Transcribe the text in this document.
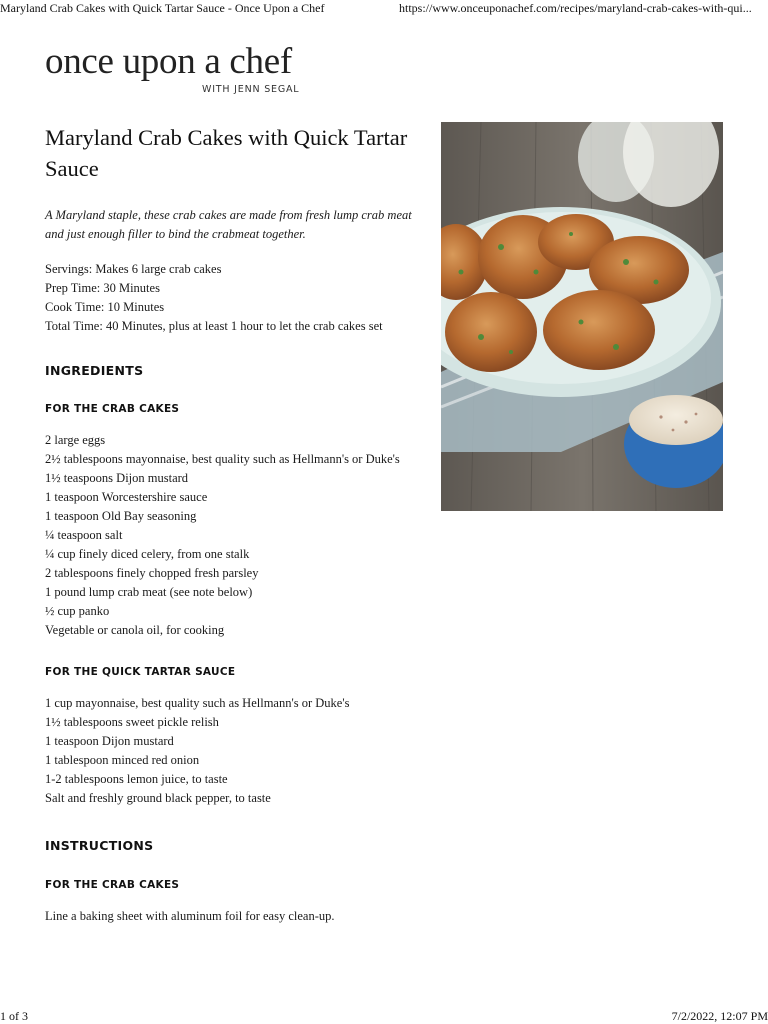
Maryland Crab Cakes with Quick Tartar Sauce - Once Upon a Chef	https://www.onceuponachef.com/recipes/maryland-crab-cakes-with-qui...
once upon a chef
WITH JENN SEGAL
Maryland Crab Cakes with Quick Tartar Sauce

A Maryland staple, these crab cakes are made from fresh lump crab meat and just enough filler to bind the crabmeat together.

Servings: Makes 6 large crab cakes
Prep Time: 30 Minutes
Cook Time: 10 Minutes
Total Time: 40 Minutes, plus at least 1 hour to let the crab cakes set
INGREDIENTS
FOR THE CRAB CAKES
2 large eggs
2½ tablespoons mayonnaise, best quality such as Hellmann's or Duke's
1½ teaspoons Dijon mustard
1 teaspoon Worcestershire sauce
1 teaspoon Old Bay seasoning
¼ teaspoon salt
¼ cup finely diced celery, from one stalk
2 tablespoons finely chopped fresh parsley
1 pound lump crab meat (see note below)
½ cup panko
Vegetable or canola oil, for cooking
FOR THE QUICK TARTAR SAUCE
1 cup mayonnaise, best quality such as Hellmann's or Duke's
1½ tablespoons sweet pickle relish
1 teaspoon Dijon mustard
1 tablespoon minced red onion
1-2 tablespoons lemon juice, to taste
Salt and freshly ground black pepper, to taste
INSTRUCTIONS
FOR THE CRAB CAKES

Line a baking sheet with aluminum foil for easy clean-up.

1 of 3	7/2/2022, 12:07 PM
